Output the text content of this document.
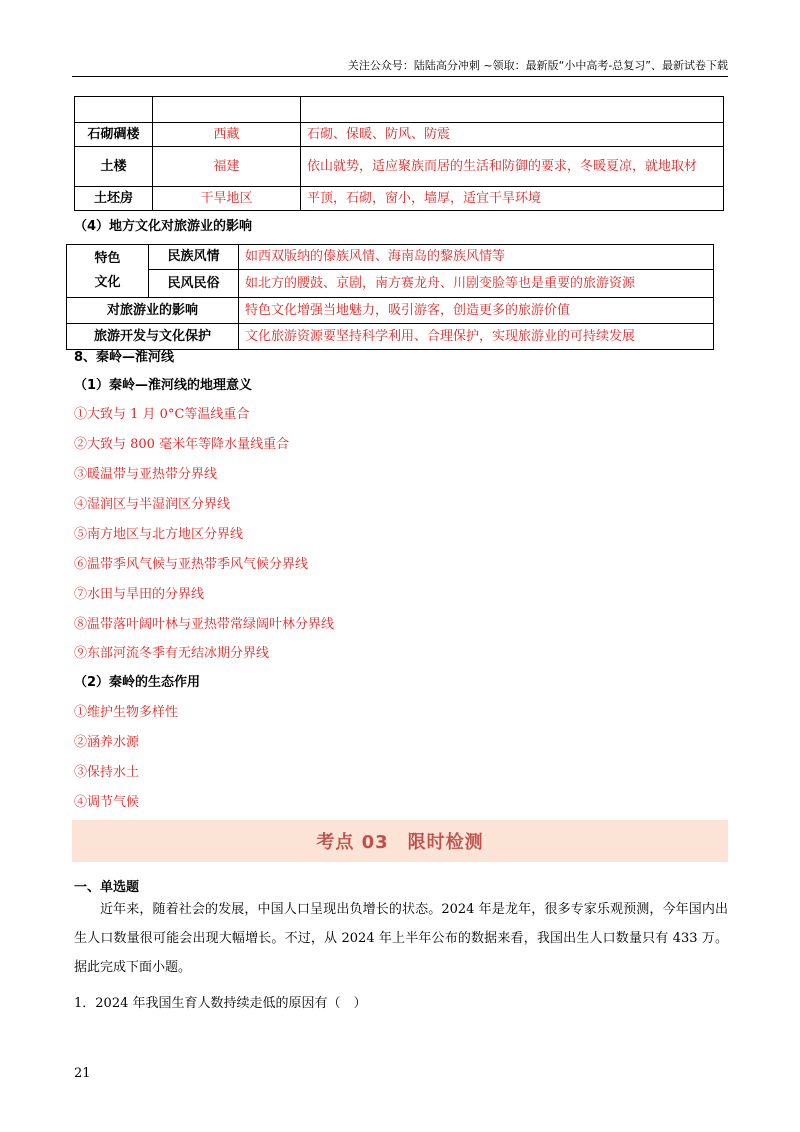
关注公众号：陆陆高分冲刺 ~领取：最新版“小中高考-总复习”、最新试卷下载

石砌碉楼	西藏	石砌、保暖、防风、防震
土楼	福建	依山就势，适应聚族而居的生活和防御的要求，冬暖夏凉，就地取材
土坯房	干旱地区	平顶，石砌，窗小，墙厚，适宜干旱环境
（4）地方文化对旅游业的影响
特色
文化	民族风情	如西双版纳的傣族风情、海南岛的黎族风情等
	民风民俗	如北方的腰鼓、京剧，南方赛龙舟、川剧变脸等也是重要的旅游资源
对旅游业的影响		特色文化增强当地魅力，吸引游客，创造更多的旅游价值
旅游开发与文化保护		文化旅游资源要坚持科学利用、合理保护，实现旅游业的可持续发展
8、秦岭—淮河线
（1）秦岭—淮河线的地理意义
①大致与 1 月 0°C等温线重合
②大致与 800 毫米年等降水量线重合
③暖温带与亚热带分界线
④湿润区与半湿润区分界线
⑤南方地区与北方地区分界线
⑥温带季风气候与亚热带季风气候分界线
⑦水田与旱田的分界线
⑧温带落叶阔叶林与亚热带常绿阔叶林分界线
⑨东部河流冬季有无结冰期分界线
（2）秦岭的生态作用
①维护生物多样性
②涵养水源
③保持水土
④调节气候
考点 03　限时检测
一、单选题
近年来，随着社会的发展，中国人口呈现出负增长的状态。2024 年是龙年，很多专家乐观预测，今年国内出生人口数量很可能会出现大幅增长。不过，从 2024 年上半年公布的数据来看，我国出生人口数量只有 433 万。据此完成下面小题。
1．2024 年我国生育人数持续走低的原因有（　）
21
